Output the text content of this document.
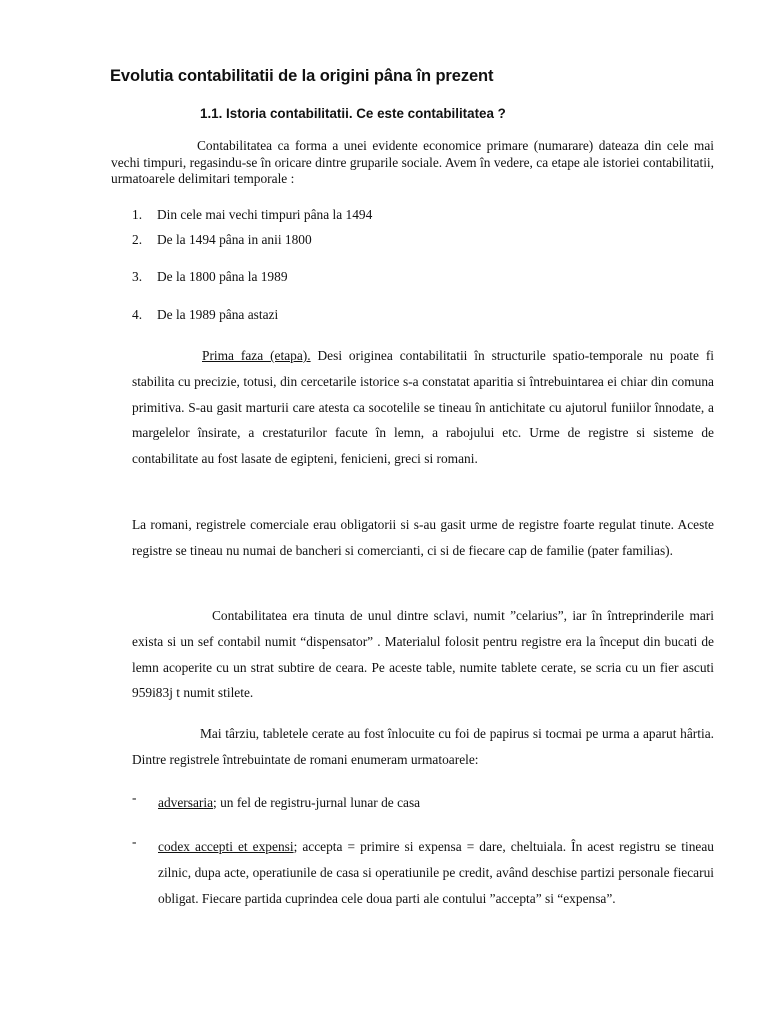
Evolutia contabilitatii de la origini pâna în prezent
1.1. Istoria contabilitatii. Ce este contabilitatea ?

Contabilitatea ca forma a unei evidente economice primare (numarare) dateaza din cele mai vechi timpuri, regasindu-se în oricare dintre gruparile sociale. Avem în vedere, ca etape ale istoriei contabilitatii, urmatoarele delimitari temporale :

1. Din cele mai vechi timpuri pâna la 1494

2. De la 1494 pâna in anii 1800

3. De la 1800 pâna la 1989

4. De la 1989 pâna astazi

Prima faza (etapa). Desi originea contabilitatii în structurile spatio-temporale nu poate fi stabilita cu precizie, totusi, din cercetarile istorice s-a constatat aparitia si întrebuintarea ei chiar din comuna primitiva. S-au gasit marturii care atesta ca socotelile se tineau în antichitate cu ajutorul funiilor înnodate, a margelelor însirate, a crestaturilor facute în lemn, a rabojului etc. Urme de registre si sisteme de contabilitate au fost lasate de egipteni, fenicieni, greci si romani.

La romani, registrele comerciale erau obligatorii si s-au gasit urme de registre foarte regulat tinute. Aceste registre se tineau nu numai de bancheri si comercianti, ci si de fiecare cap de familie (pater familias).

Contabilitatea era tinuta de unul dintre sclavi, numit ”celarius”, iar în întreprinderile mari exista si un sef contabil numit “dispensator” . Materialul folosit pentru registre era la început din bucati de lemn acoperite cu un strat subtire de ceara. Pe aceste table, numite tablete cerate, se scria cu un fier ascuti 959i83j t numit stilete.

Mai târziu, tabletele cerate au fost înlocuite cu foi de papirus si tocmai pe urma a aparut hârtia. Dintre registrele întrebuintate de romani enumeram urmatoarele:

- adversaria; un fel de registru-jurnal lunar de casa

- codex accepti et expensi; accepta = primire si expensa = dare, cheltuiala. În acest registru se tineau zilnic, dupa acte, operatiunile de casa si operatiunile pe credit, având deschise partizi personale fiecarui obligat. Fiecare partida cuprindea cele doua parti ale contului ”accepta” si “expensa”.
